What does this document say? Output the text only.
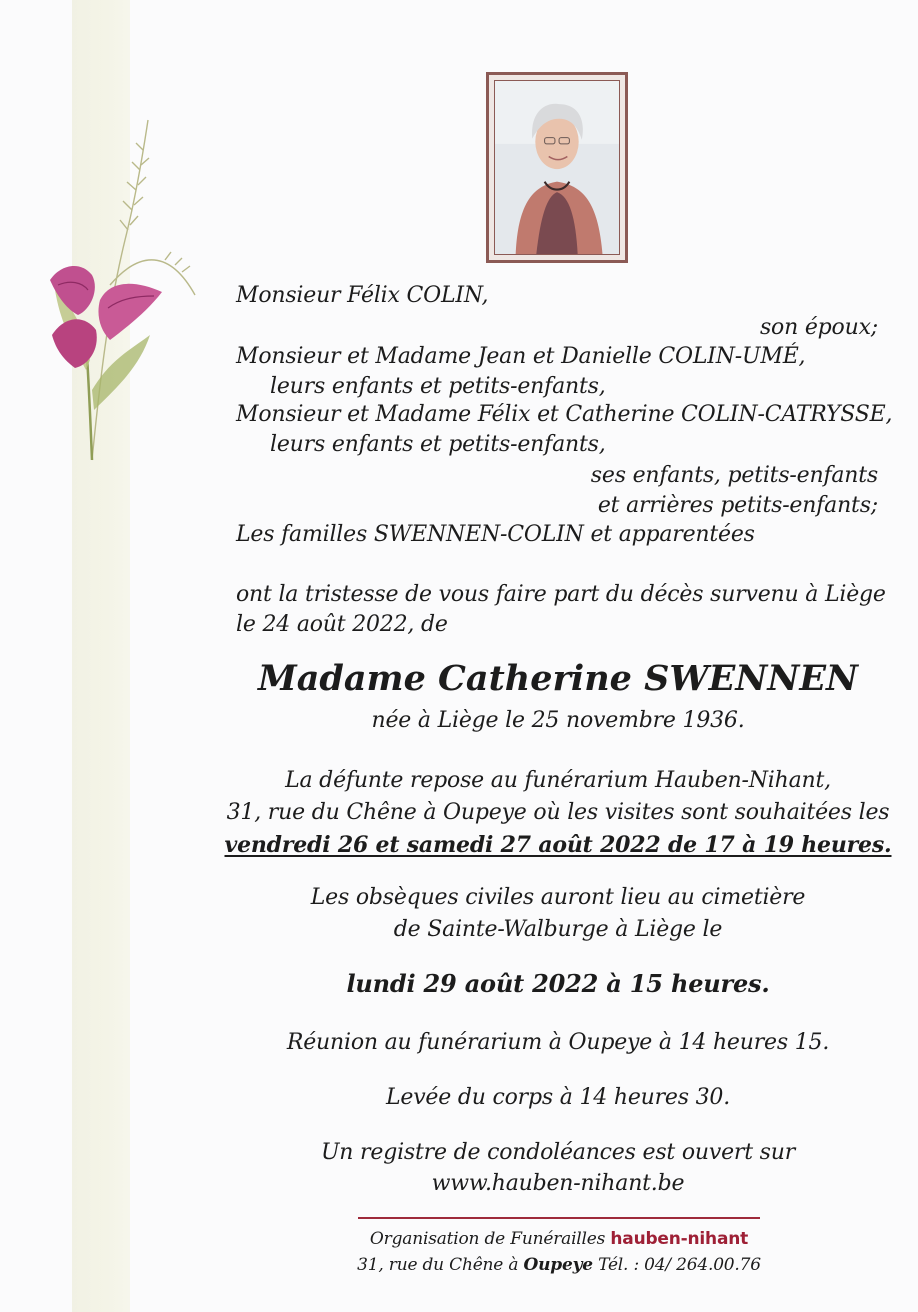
Monsieur Félix COLIN,
son époux;
Monsieur et Madame Jean et Danielle COLIN-UMÉ,
leurs enfants et petits-enfants,
Monsieur et Madame Félix et Catherine COLIN-CATRYSSE,
leurs enfants et petits-enfants,
ses enfants, petits-enfants
et arrières petits-enfants;
Les familles SWENNEN-COLIN et apparentées
ont la tristesse de vous faire part du décès survenu à Liège
le 24 août 2022, de
Madame Catherine SWENNEN
née à Liège le 25 novembre 1936.
La défunte repose au funérarium Hauben-Nihant,
31, rue du Chêne à Oupeye où les visites sont souhaitées les
vendredi 26 et samedi 27 août 2022 de 17 à 19 heures.
Les obsèques civiles auront lieu au cimetière
de Sainte-Walburge à Liège le
lundi 29 août 2022 à 15 heures.
Réunion au funérarium à Oupeye à 14 heures 15.
Levée du corps à 14 heures 30.
Un registre de condoléances est ouvert sur
www.hauben-nihant.be
Organisation de Funérailles hauben-nihant
31, rue du Chêne à Oupeye Tél. : 04/ 264.00.76
